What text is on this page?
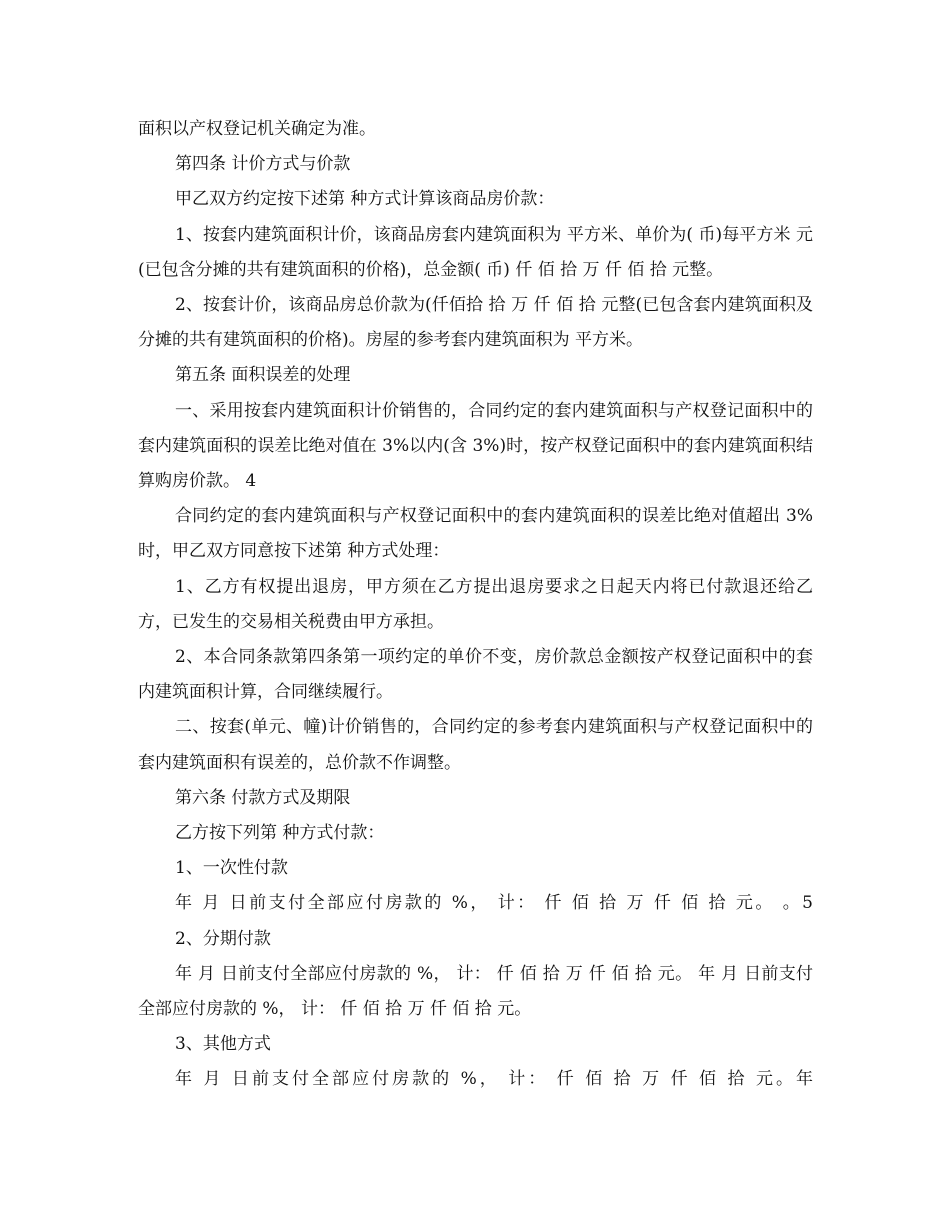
面积以产权登记机关确定为准。

第四条 计价方式与价款

甲乙双方约定按下述第 种方式计算该商品房价款：

1、按套内建筑面积计价，该商品房套内建筑面积为 平方米、单价为( 币)每平方米 元(已包含分摊的共有建筑面积的价格)，总金额( 币) 仟 佰 拾 万 仟 佰 拾 元整。

2、按套计价，该商品房总价款为(仟佰拾 拾 万 仟 佰 拾 元整(已包含套内建筑面积及分摊的共有建筑面积的价格)。房屋的参考套内建筑面积为 平方米。

第五条 面积误差的处理

一、采用按套内建筑面积计价销售的，合同约定的套内建筑面积与产权登记面积中的套内建筑面积的误差比绝对值在 3%以内(含 3%)时，按产权登记面积中的套内建筑面积结算购房价款。 4

合同约定的套内建筑面积与产权登记面积中的套内建筑面积的误差比绝对值超出 3%时，甲乙双方同意按下述第 种方式处理：

1、乙方有权提出退房，甲方须在乙方提出退房要求之日起天内将已付款退还给乙方，已发生的交易相关税费由甲方承担。

2、本合同条款第四条第一项约定的单价不变，房价款总金额按产权登记面积中的套内建筑面积计算，合同继续履行。

二、按套(单元、幢)计价销售的，合同约定的参考套内建筑面积与产权登记面积中的套内建筑面积有误差的，总价款不作调整。

第六条 付款方式及期限

乙方按下列第 种方式付款：

1、一次性付款

年 月 日前支付全部应付房款的 %， 计： 仟 佰 拾 万 仟 佰 拾 元。 。5

2、分期付款

年 月 日前支付全部应付房款的 %， 计： 仟 佰 拾 万 仟 佰 拾 元。 年 月 日前支付全部应付房款的 %， 计： 仟 佰 拾 万 仟 佰 拾 元。

3、其他方式

年 月 日前支付全部应付房款的 %， 计： 仟 佰 拾 万 仟 佰 拾 元。年
